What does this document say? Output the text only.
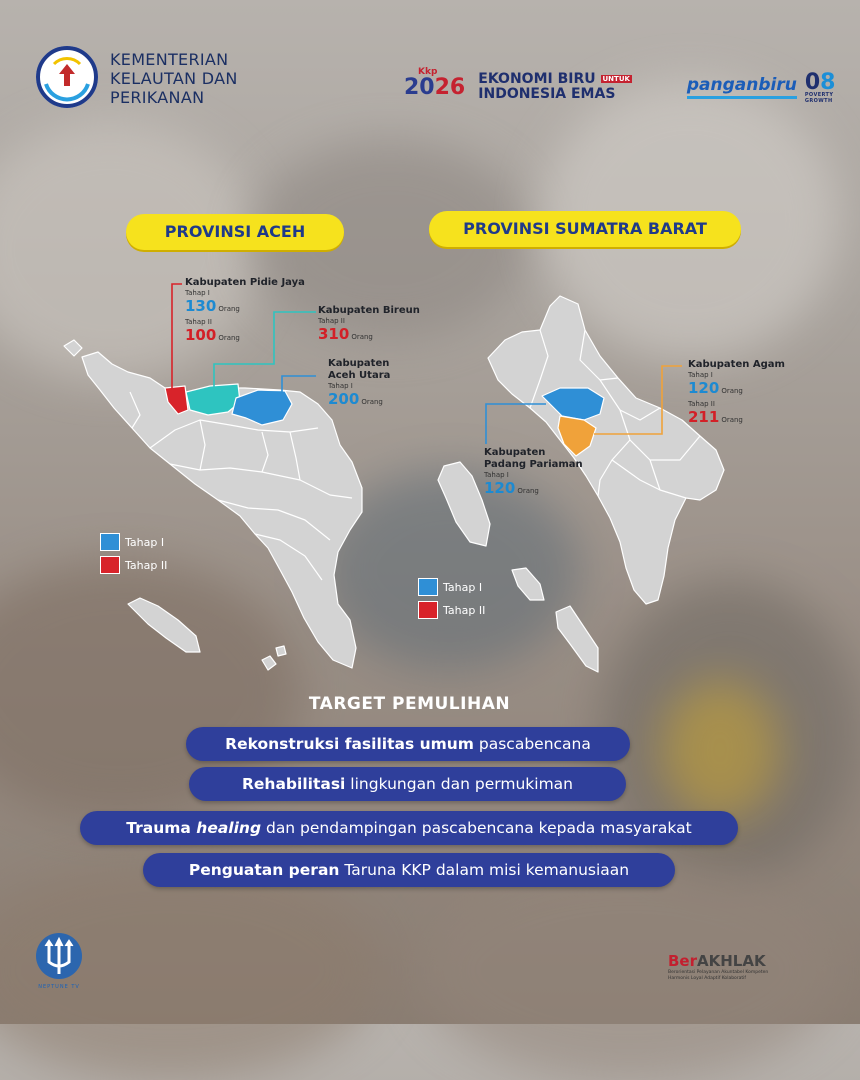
KEMENTERIAN
KELAUTAN DAN
PERIKANAN
Kkp
2026 EKONOMI BIRU $^{UNTUK}$
INDONESIA EMAS	panganbiru 08
POVERTY GROWTH
PROVINSI ACEH	PROVINSI SUMATRA BARAT
Kabupaten Pidie Jaya
Tahap I
130 Orang
Tahap II
100 Orang
Kabupaten Bireun
Tahap II
310 Orang
Kabupaten
Aceh Utara
Tahap I
200 Orang
Kabupaten Agam
Tahap I
120 Orang
Tahap II
211 Orang
Kabupaten
Padang Pariaman
Tahap I
120 Orang
Tahap I
Tahap II
Tahap I
Tahap II
TARGET PEMULIHAN
Rekonstruksi fasilitas umum pascabencana
Rehabilitasi lingkungan dan permukiman
Trauma healing dan pendampingan pascabencana kepada masyarakat
Penguatan peran Taruna KKP dalam misi kemanusiaan
NEPTUNE TV
BerAKHLAK
Berorientasi Pelayanan Akuntabel Kompeten
Harmonis Loyal Adaptif Kolaboratif
